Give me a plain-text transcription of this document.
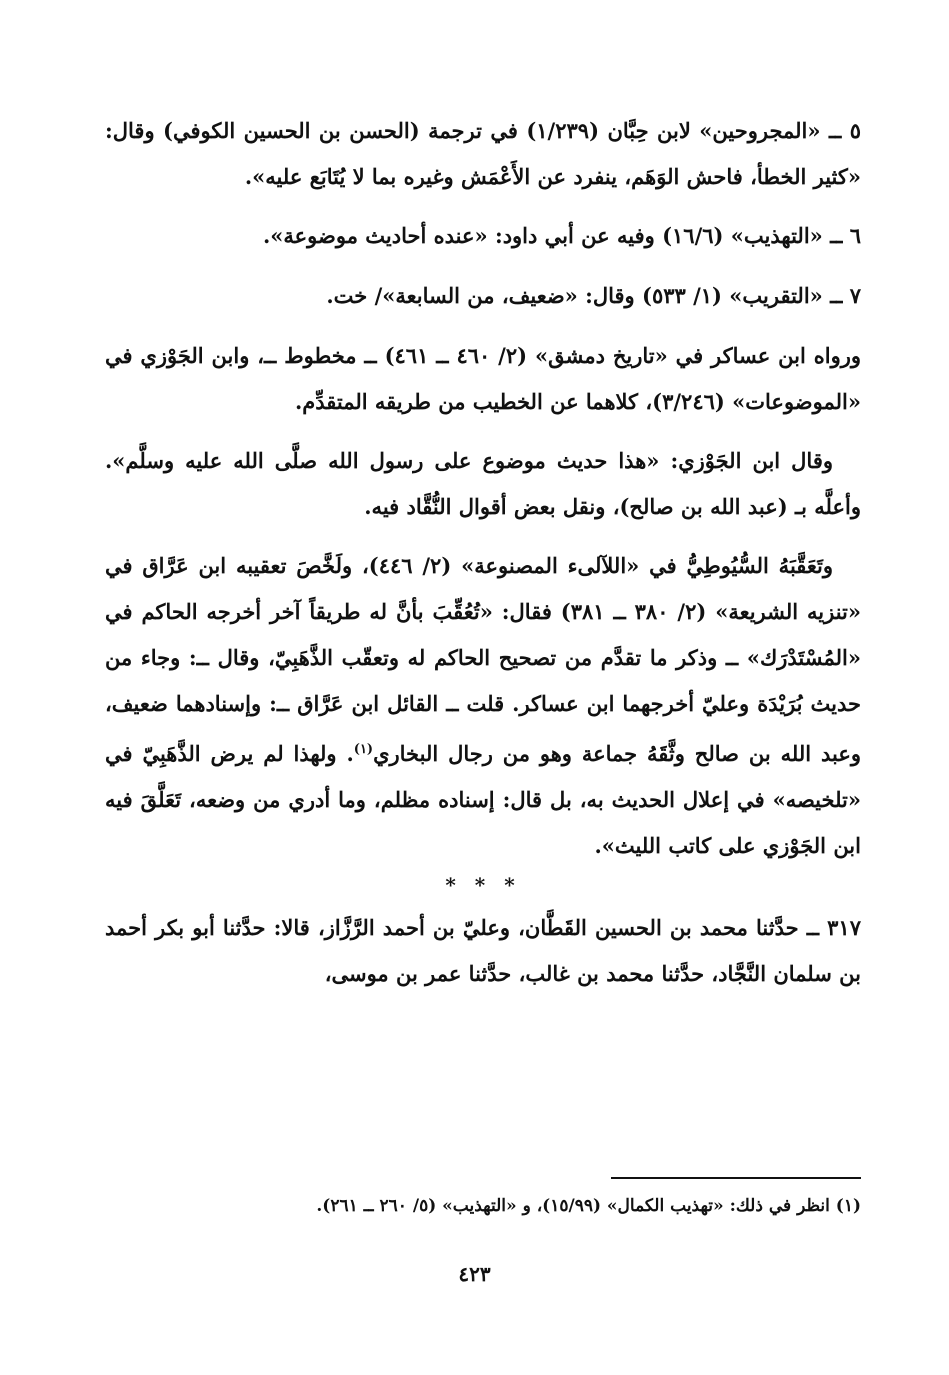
٥ ــ «المجروحين» لابن حِبَّان (١/٢٣٩) في ترجمة (الحسن بن الحسين الكوفي) وقال: «كثير الخطأ، فاحش الوَهَم، ينفرد عن الأَعْمَش وغيره بما لا يُتَابَع عليه».

٦ ــ «التهذيب» (١٦/٦) وفيه عن أبي داود: «عنده أحاديث موضوعة».

٧ ــ «التقريب» (١/ ٥٣٣) وقال: «ضعيف، من السابعة»/ خت.

ورواه ابن عساكر في «تاريخ دمشق» (٢/ ٤٦٠ ــ ٤٦١) ــ مخطوط ــ، وابن الجَوْزي في «الموضوعات» (٣/٢٤٦)، كلاهما عن الخطيب من طريقه المتقدِّم.

وقال ابن الجَوْزي: «هذا حديث موضوع على رسول الله صلَّى الله عليه وسلَّم». وأعلَّه بـ (عبد الله بن صالح)، ونقل بعض أقوال النُّقَّاد فيه.

وتَعَقَّبَهُ السُّيُوطِيُّ في «اللآلىء المصنوعة» (٢/ ٤٤٦)، ولَخَّصَ تعقيبه ابن عَرَّاق في «تنزيه الشريعة» (٢/ ٣٨٠ ــ ٣٨١) فقال: «تُعُقِّبَ بأنَّ له طريقاً آخر أخرجه الحاكم في «المُسْتَدْرَك» ــ وذكر ما تقدَّم من تصحيح الحاكم له وتعقّب الذَّهَبِيّ، وقال ــ: وجاء من حديث بُرَيْدَة وعليّ أخرجهما ابن عساكر. قلت ــ القائل ابن عَرَّاق ــ: وإسنادهما ضعيف، وعبد الله بن صالح وثَّقَهُ جماعة وهو من رجال البخاري$^{(١)}$. ولهذا لم يرض الذَّهَبِيّ في «تلخيصه» في إعلال الحديث به، بل قال: إسناده مظلم، وما أدري من وضعه، تَعَلَّقَ فيه ابن الجَوْزي على كاتب الليث».

* * *

٣١٧ ــ حدَّثنا محمد بن الحسين القَطَّان، وعليّ بن أحمد الرَّزَّاز، قالا: حدَّثنا أبو بكر أحمد بن سلمان النَّجَّاد، حدَّثنا محمد بن غالب، حدَّثنا عمر بن موسى،

(١) انظر في ذلك: «تهذيب الكمال» (١٥/٩٩)، و «التهذيب» (٥/ ٢٦٠ ــ ٢٦١).
٤٢٣
